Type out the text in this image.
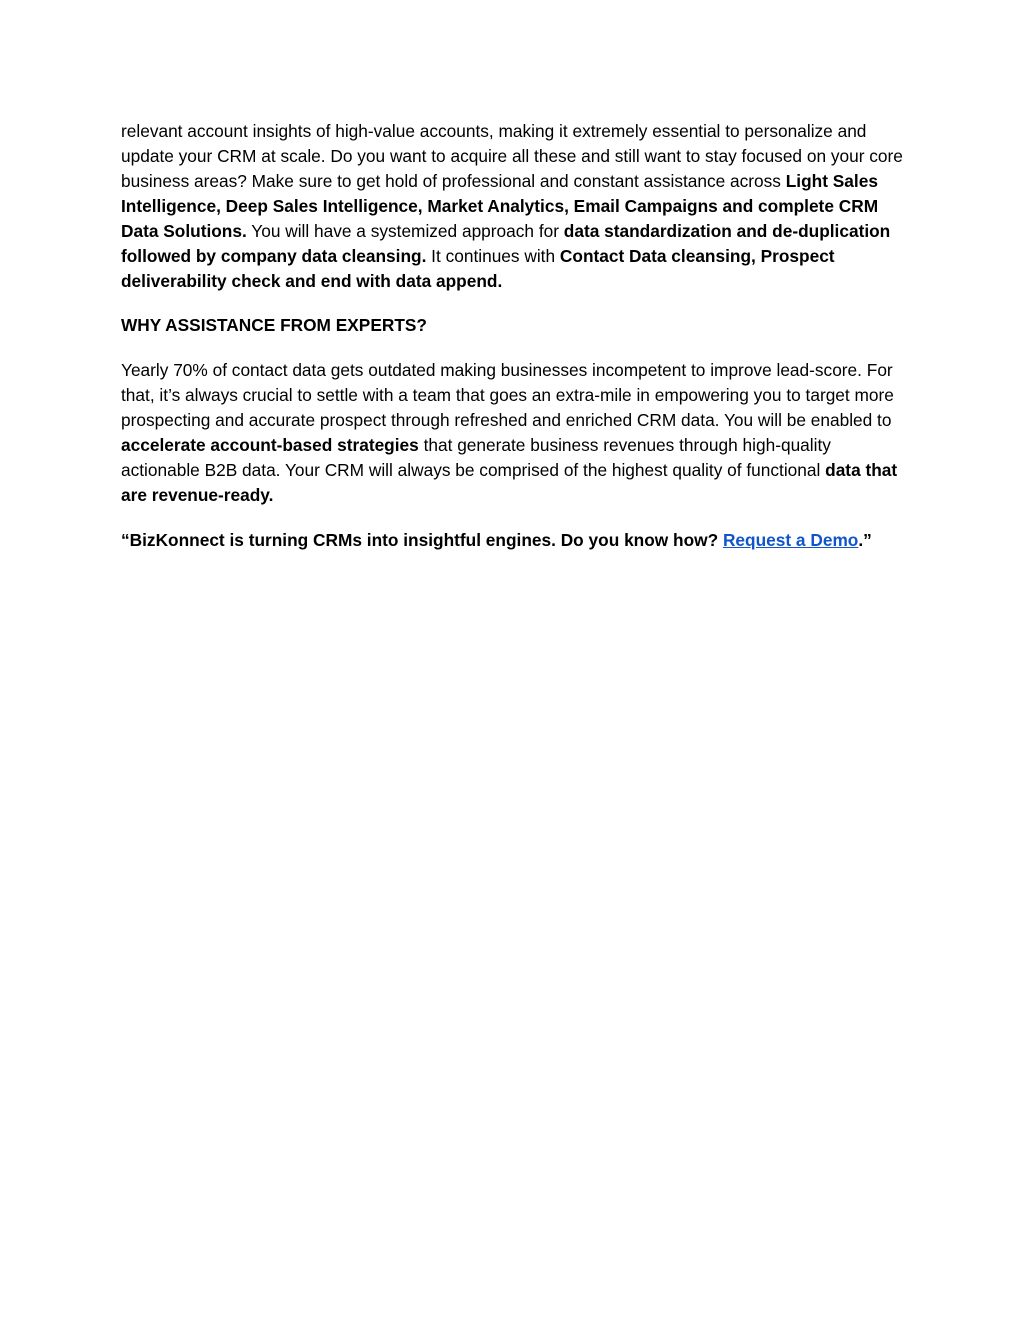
relevant account insights of high-value accounts, making it extremely essential to personalize and update your CRM at scale. Do you want to acquire all these and still want to stay focused on your core business areas? Make sure to get hold of professional and constant assistance across Light Sales Intelligence, Deep Sales Intelligence, Market Analytics, Email Campaigns and complete CRM Data Solutions. You will have a systemized approach for data standardization and de-duplication followed by company data cleansing. It continues with Contact Data cleansing, Prospect deliverability check and end with data append.

WHY ASSISTANCE FROM EXPERTS?

Yearly 70% of contact data gets outdated making businesses incompetent to improve lead-score. For that, it’s always crucial to settle with a team that goes an extra-mile in empowering you to target more prospecting and accurate prospect through refreshed and enriched CRM data. You will be enabled to accelerate account-based strategies that generate business revenues through high-quality actionable B2B data. Your CRM will always be comprised of the highest quality of functional data that are revenue-ready.

“BizKonnect is turning CRMs into insightful engines. Do you know how? Request a Demo.”
